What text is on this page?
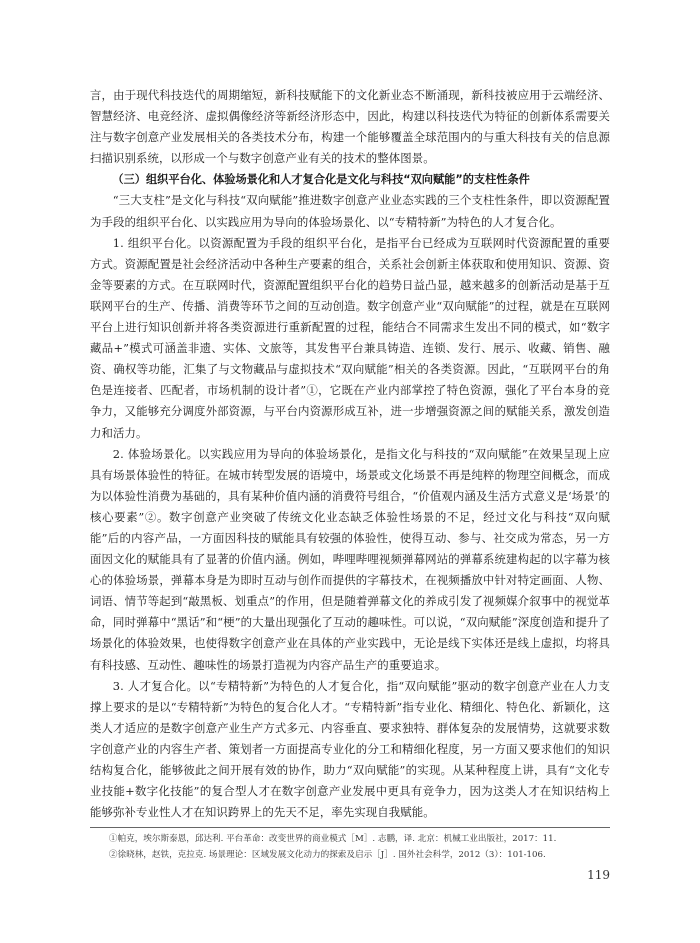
言，由于现代科技迭代的周期缩短，新科技赋能下的文化新业态不断涌现，新科技被应用于云端经济、智慧经济、电竞经济、虚拟偶像经济等新经济形态中，因此，构建以科技迭代为特征的创新体系需要关注与数字创意产业发展相关的各类技术分布，构建一个能够覆盖全球范围内的与重大科技有关的信息源扫描识别系统，以形成一个与数字创意产业有关的技术的整体图景。

（三）组织平台化、体验场景化和人才复合化是文化与科技“双向赋能”的支柱性条件

“三大支柱”是文化与科技“双向赋能”推进数字创意产业业态实践的三个支柱性条件，即以资源配置为手段的组织平台化、以实践应用为导向的体验场景化、以“专精特新”为特色的人才复合化。

1. 组织平台化。以资源配置为手段的组织平台化，是指平台已经成为互联网时代资源配置的重要方式。资源配置是社会经济活动中各种生产要素的组合，关系社会创新主体获取和使用知识、资源、资金等要素的方式。在互联网时代，资源配置组织平台化的趋势日益凸显，越来越多的创新活动是基于互联网平台的生产、传播、消费等环节之间的互动创造。数字创意产业“双向赋能”的过程，就是在互联网平台上进行知识创新并将各类资源进行重新配置的过程，能结合不同需求生发出不同的模式，如“数字藏品+”模式可涵盖非遗、实体、文旅等，其发售平台兼具铸造、连锁、发行、展示、收藏、销售、融资、确权等功能，汇集了与文物藏品与虚拟技术“双向赋能”相关的各类资源。因此，“互联网平台的角色是连接者、匹配者，市场机制的设计者”①，它既在产业内部掌控了特色资源，强化了平台本身的竞争力，又能够充分调度外部资源，与平台内资源形成互补，进一步增强资源之间的赋能关系，激发创造力和活力。

2. 体验场景化。以实践应用为导向的体验场景化，是指文化与科技的“双向赋能”在效果呈现上应具有场景体验性的特征。在城市转型发展的语境中，场景或文化场景不再是纯粹的物理空间概念，而成为以体验性消费为基础的，具有某种价值内涵的消费符号组合，“价值观内涵及生活方式意义是‘场景’的核心要素”②。数字创意产业突破了传统文化业态缺乏体验性场景的不足，经过文化与科技“双向赋能”后的内容产品，一方面因科技的赋能具有较强的体验性，使得互动、参与、社交成为常态，另一方面因文化的赋能具有了显著的价值内涵。例如，哔哩哔哩视频弹幕网站的弹幕系统建构起的以字幕为核心的体验场景，弹幕本身是为即时互动与创作而提供的字幕技术，在视频播放中针对特定画面、人物、词语、情节等起到“敲黑板、划重点”的作用，但是随着弹幕文化的养成引发了视频媒介叙事中的视觉革命，同时弹幕中“黑话”和“梗”的大量出现强化了互动的趣味性。可以说，“双向赋能”深度创造和提升了场景化的体验效果，也使得数字创意产业在具体的产业实践中，无论是线下实体还是线上虚拟，均将具有科技感、互动性、趣味性的场景打造视为内容产品生产的重要追求。

3. 人才复合化。以“专精特新”为特色的人才复合化，指“双向赋能”驱动的数字创意产业在人力支撑上要求的是以“专精特新”为特色的复合化人才。“专精特新”指专业化、精细化、特色化、新颖化，这类人才适应的是数字创意产业生产方式多元、内容垂直、要求独特、群体复杂的发展情势，这就要求数字创意产业的内容生产者、策划者一方面提高专业化的分工和精细化程度，另一方面又要求他们的知识结构复合化，能够彼此之间开展有效的协作，助力“双向赋能”的实现。从某种程度上讲，具有“文化专业技能+数字化技能”的复合型人才在数字创意产业发展中更具有竞争力，因为这类人才在知识结构上能够弥补专业性人才在知识跨界上的先天不足，率先实现自我赋能。

①帕克，埃尔斯泰恩，邱达利. 平台革命：改变世界的商业模式［M］. 志鹏，译. 北京：机械工业出版社，2017：11.

②徐晓林，赵铁，克拉克. 场景理论：区域发展文化动力的探索及启示［J］. 国外社会科学，2012（3）：101-106.

119
